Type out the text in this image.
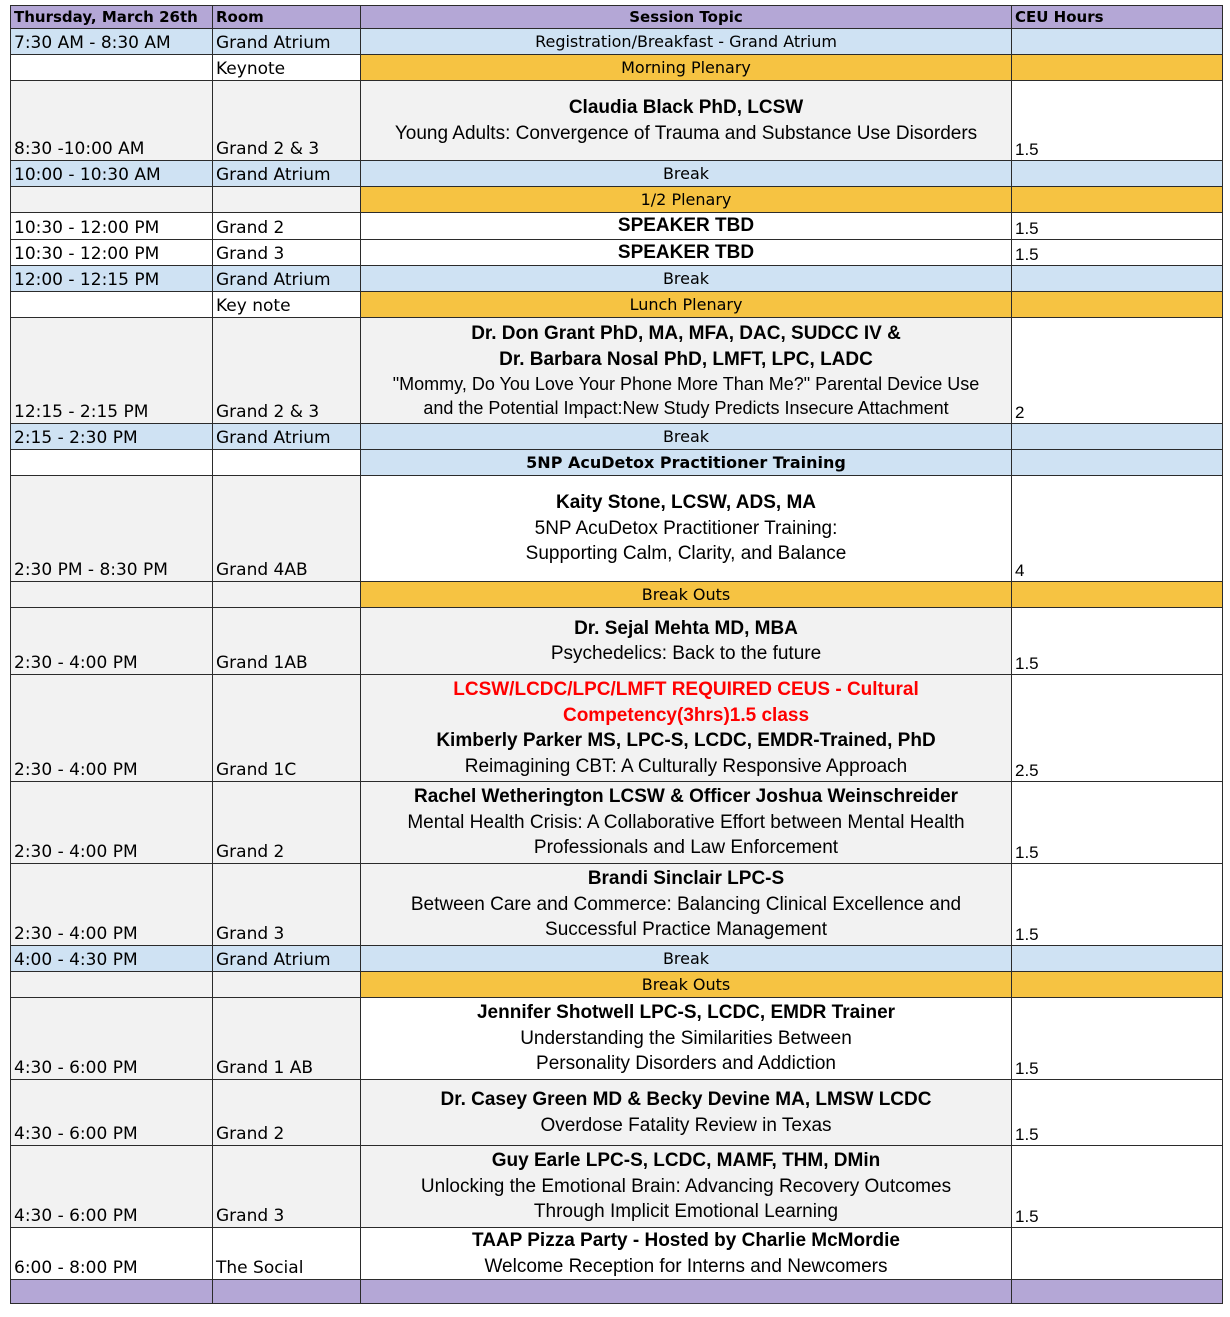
Thursday, March 26th	Room	Session Topic	CEU Hours
7:30 AM - 8:30 AM	Grand Atrium	Registration/Breakfast - Grand Atrium	
	Keynote	Morning Plenary	
8:30 -10:00 AM	Grand 2 & 3	Claudia Black PhD, LCSW
Young Adults: Convergence of Trauma and Substance Use Disorders	1.5
10:00 - 10:30 AM	Grand Atrium	Break	
		1/2 Plenary	
10:30 - 12:00 PM	Grand 2	SPEAKER TBD	1.5
10:30 - 12:00 PM	Grand 3	SPEAKER TBD	1.5
12:00 - 12:15 PM	Grand Atrium	Break	
	Key note	Lunch Plenary	
12:15 - 2:15 PM	Grand 2 & 3	Dr. Don Grant PhD, MA, MFA, DAC, SUDCC IV &
Dr. Barbara Nosal PhD, LMFT, LPC, LADC
"Mommy, Do You Love Your Phone More Than Me?" Parental Device Use
and the Potential Impact:New Study Predicts Insecure Attachment	2
2:15 - 2:30 PM	Grand Atrium	Break	
		5NP AcuDetox Practitioner Training	
2:30 PM - 8:30 PM	Grand 4AB	Kaity Stone, LCSW, ADS, MA
5NP AcuDetox Practitioner Training:
Supporting Calm, Clarity, and Balance	4
		Break Outs	
2:30 - 4:00 PM	Grand 1AB	Dr. Sejal Mehta MD, MBA
Psychedelics: Back to the future	1.5
2:30 - 4:00 PM	Grand 1C	LCSW/LCDC/LPC/LMFT REQUIRED CEUS - Cultural
Competency(3hrs)1.5 class
Kimberly Parker MS, LPC-S, LCDC, EMDR-Trained, PhD
Reimagining CBT: A Culturally Responsive Approach	2.5
2:30 - 4:00 PM	Grand 2	Rachel Wetherington LCSW & Officer Joshua Weinschreider
Mental Health Crisis: A Collaborative Effort between Mental Health
Professionals and Law Enforcement	1.5
2:30 - 4:00 PM	Grand 3	Brandi Sinclair LPC-S
Between Care and Commerce: Balancing Clinical Excellence and
Successful Practice Management	1.5
4:00 - 4:30 PM	Grand Atrium	Break	
		Break Outs	
4:30 - 6:00 PM	Grand 1 AB	Jennifer Shotwell LPC-S, LCDC, EMDR Trainer
Understanding the Similarities Between
Personality Disorders and Addiction	1.5
4:30 - 6:00 PM	Grand 2	Dr. Casey Green MD & Becky Devine MA, LMSW LCDC
Overdose Fatality Review in Texas	1.5
4:30 - 6:00 PM	Grand 3	Guy Earle LPC-S, LCDC, MAMF, THM, DMin
Unlocking the Emotional Brain: Advancing Recovery Outcomes
Through Implicit Emotional Learning	1.5
6:00 - 8:00 PM	The Social	TAAP Pizza Party - Hosted by Charlie McMordie
Welcome Reception for Interns and Newcomers	
